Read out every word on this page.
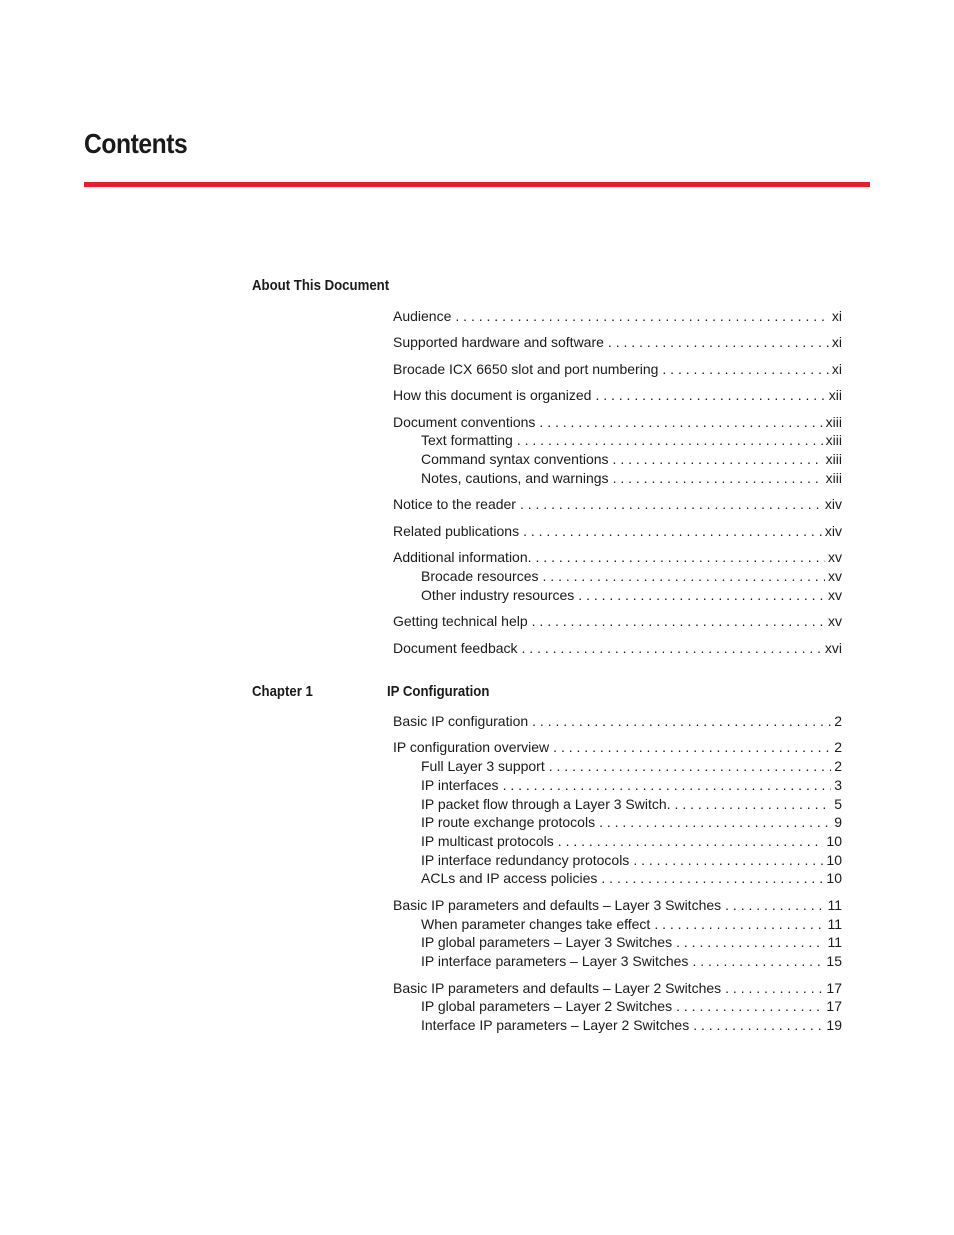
Contents
About This Document
Audience . . .	xi
Supported hardware and software . . .	xi
Brocade ICX 6650 slot and port numbering . . .	xi
How this document is organized . . .	xii
Document conventions . . .	xiii
Text formatting . . .	xiii
Command syntax conventions . . .	xiii
Notes, cautions, and warnings . . .	xiii
Notice to the reader . . .	xiv
Related publications . . .	xiv
Additional information. . . .	xv
Brocade resources . . .	xv
Other industry resources . . .	xv
Getting technical help . . .	xv
Document feedback . . .	xvi
Chapter 1	IP Configuration
Basic IP configuration . . .	2
IP configuration overview . . .	2
Full Layer 3 support . . .	2
IP interfaces . . .	3
IP packet flow through a Layer 3 Switch. . . .	5
IP route exchange protocols . . .	9
IP multicast protocols . . .	10
IP interface redundancy protocols . . .	10
ACLs and IP access policies . . .	10
Basic IP parameters and defaults – Layer 3 Switches . . .	11
When parameter changes take effect . . .	11
IP global parameters – Layer 3 Switches . . .	11
IP interface parameters – Layer 3 Switches . . .	15
Basic IP parameters and defaults – Layer 2 Switches . . .	17
IP global parameters – Layer 2 Switches . . .	17
Interface IP parameters – Layer 2 Switches . . .	19
